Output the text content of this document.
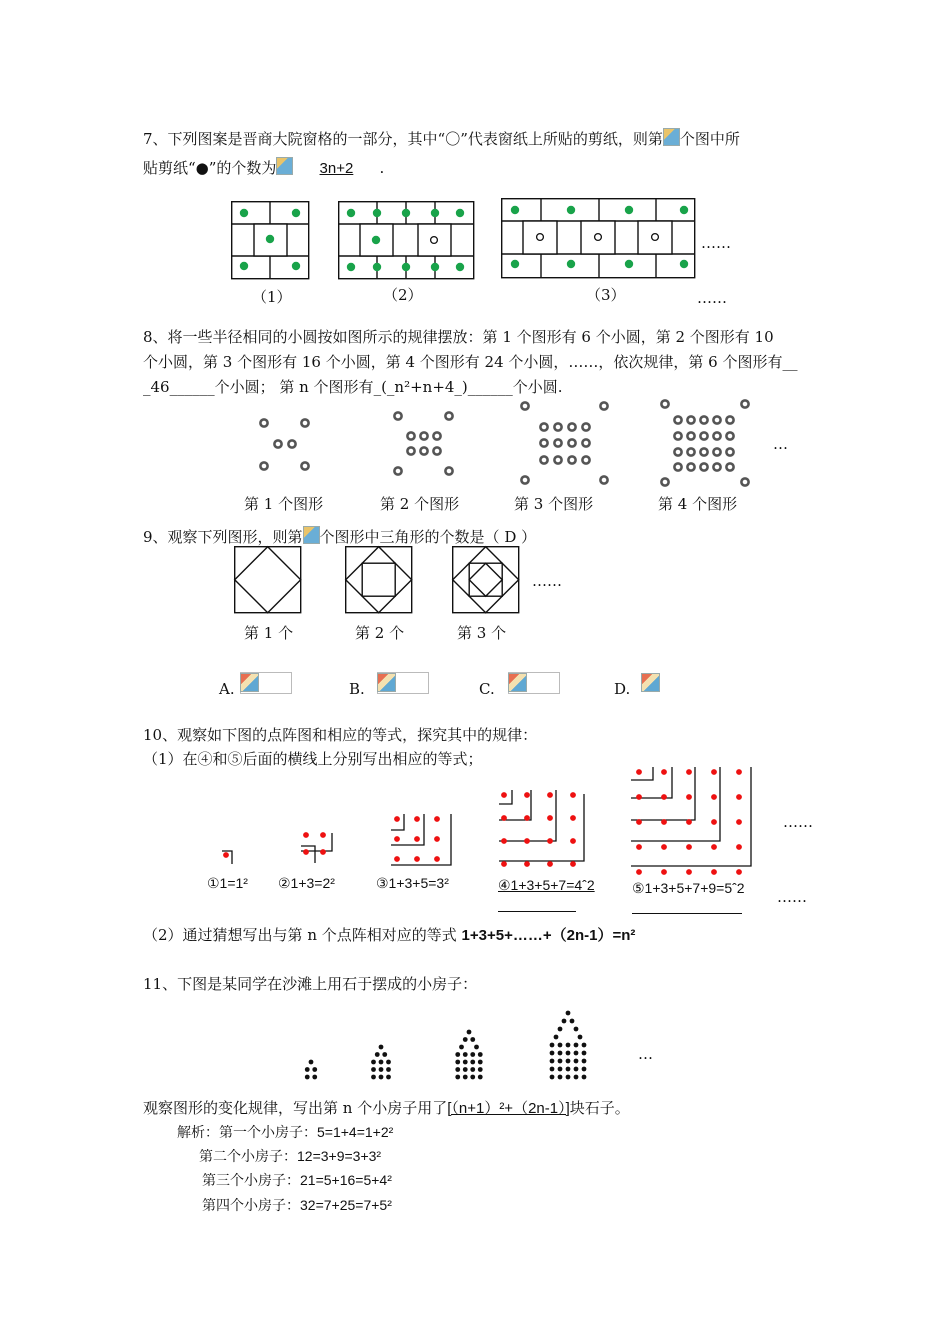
7、下列图案是晋商大院窗格的一部分，其中“〇”代表窗纸上所贴的剪纸，则第 个图中所
贴剪纸“●”的个数为	3n+2 .
（1）	（2）
……
（3）	……
8、将一些半径相同的小圆按如图所示的规律摆放：第 1 个图形有 6 个小圆，第 2 个图形有 10
个小圆，第 3 个图形有 16 个小圆，第 4 个图形有 24 个小圆，……，依次规律，第 6 个图形有__
_46______个小圆； 第 n 个图形有_(_n²+n+4_)______个小圆.
…
第 1 个图形	第 2 个图形	第 3 个图形	第 4 个图形
9、观察下列图形，则第 个图形中三角形的个数是（ D ）
……
第 1 个	第 2 个	第 3 个
A.	B.	C.	D.
10、观察如下图的点阵图和相应的等式，探究其中的规律：
（1）在④和⑤后面的横线上分别写出相应的等式；
……
①1=1² ②1+3=2²	③1+3+5=3²	④1+3+5+7=4ˆ2	⑤1+3+5+7+9=5ˆ2 ……
（2）通过猜想写出与第 n 个点阵相对应的等式 1+3+5+……+（2n-1）=n²
11、下图是某同学在沙滩上用石于摆成的小房子：
…
观察图形的变化规律，写出第 n 个小房子用了[（n+1）²+（2n-1）]块石子。
解析：第一个小房子：5=1+4=1+2²
第二个小房子：12=3+9=3+3²
第三个小房子：21=5+16=5+4²
第四个小房子：32=7+25=7+5²
